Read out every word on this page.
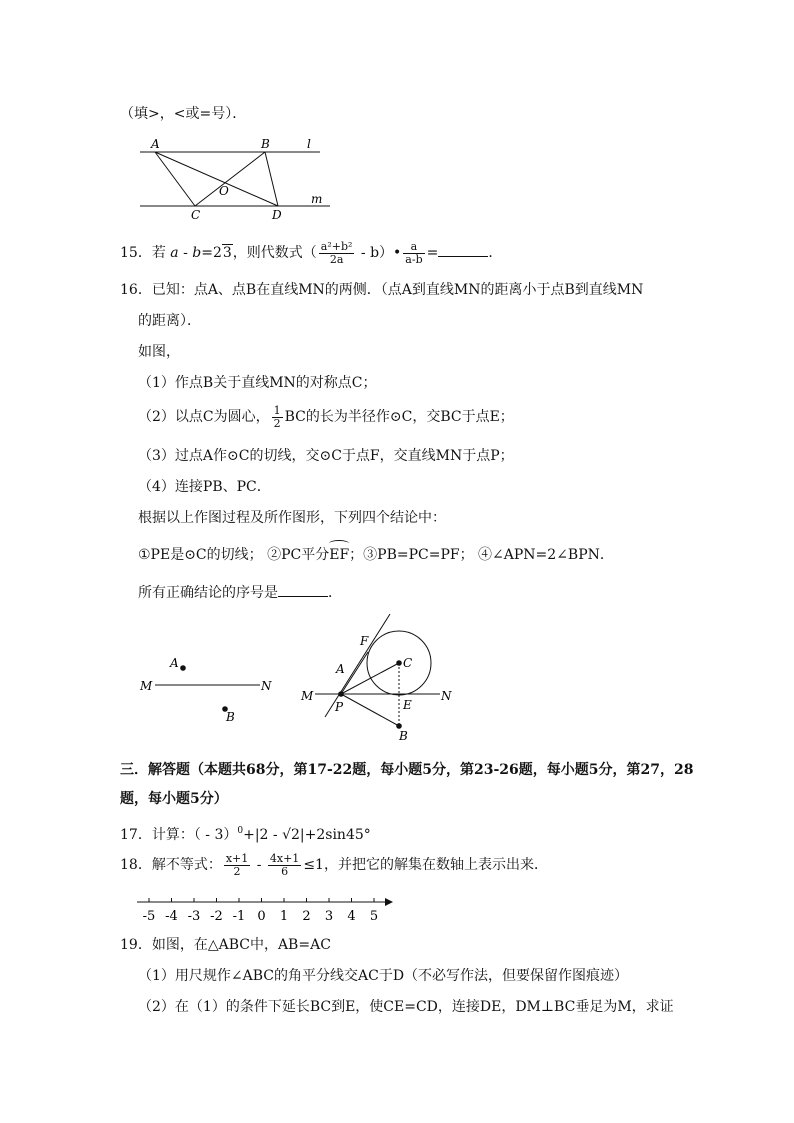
（填>，<或=号）．
A	B	l
O
m
C	D
15．若 a - b=23，则代数式（ $\frac{\text{a²+b²}}{2a}$ - b）• $\frac{a}{a-b}$ =	．
16．已知：点A、点B在直线MN的两侧．（点A到直线MN的距离小于点B到直线MN
的距离）．
如图，
（1）作点B关于直线MN的对称点C；
（2）以点C为圆心， $\frac{1}{2}$ BC的长为半径作⊙C，交BC于点E；
（3）过点A作⊙C的切线，交⊙C于点F，交直线MN于点P；
（4）连接PB、PC．
根据以上作图过程及所作图形，下列四个结论中：
①PE是⊙C的切线； ②PC平分
EF；③PB=PC=PF； ④∠APN=2∠BPN．
所有正确结论的序号是	．
A
M	N
B
F
A	C
M	N
P	E
B
三．解答题（本题共68分，第17-22题，每小题5分，第23-26题，每小题5分，第27，28
题，每小题5分）
17．计算：（ - 3）$^0$+|2 - √2|+2sin45°
18．解不等式： $\frac{x+1}{2} - \frac{4x+1}{6} \le 1$，并把它的解集在数轴上表示出来．
-5 -4 -3 -2 -1 0 1 2 3 4 5
19．如图，在△ABC中，AB=AC
（1）用尺规作∠ABC的角平分线交AC于D（不必写作法，但要保留作图痕迹）
（2）在（1）的条件下延长BC到E，使CE=CD，连接DE，DM⊥BC垂足为M，求证
